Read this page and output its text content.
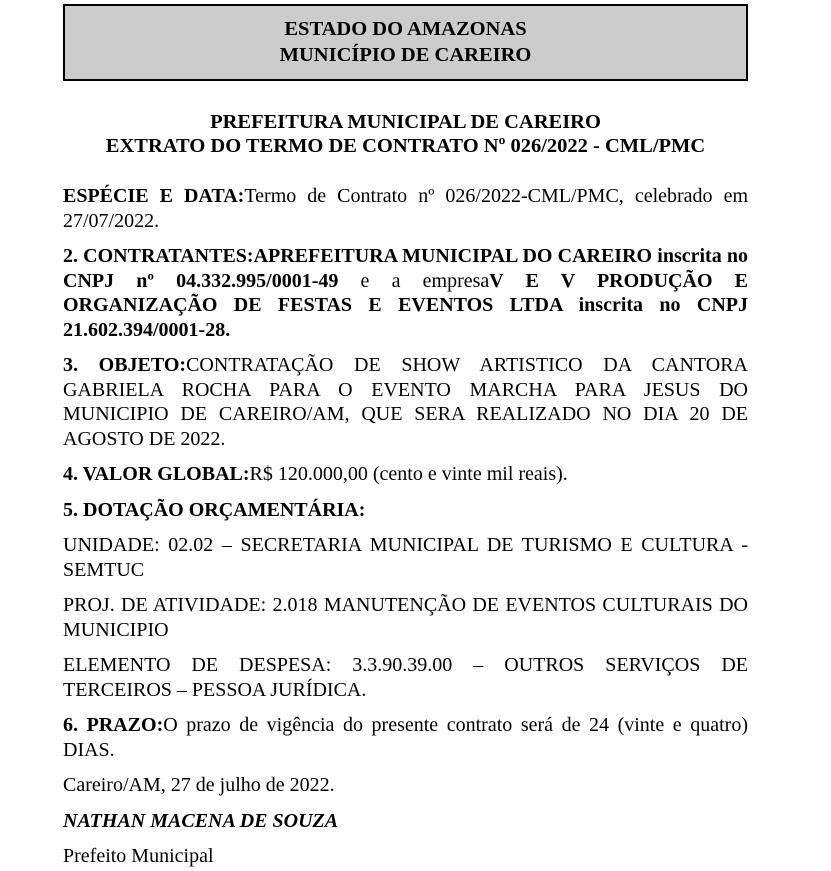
ESTADO DO AMAZONAS
MUNICÍPIO DE CAREIRO
PREFEITURA MUNICIPAL DE CAREIRO
EXTRATO DO TERMO DE CONTRATO Nº 026/2022 - CML/PMC

ESPÉCIE E DATA:Termo de Contrato nº 026/2022-CML/PMC, celebrado em 27/07/2022.

2. CONTRATANTES:APREFEITURA MUNICIPAL DO CAREIRO inscrita no CNPJ nº 04.332.995/0001-49 e a empresaV E V PRODUÇÃO E ORGANIZAÇÃO DE FESTAS E EVENTOS LTDA inscrita no CNPJ 21.602.394/0001-28.

3. OBJETO:CONTRATAÇÃO DE SHOW ARTISTICO DA CANTORA GABRIELA ROCHA PARA O EVENTO MARCHA PARA JESUS DO MUNICIPIO DE CAREIRO/AM, QUE SERA REALIZADO NO DIA 20 DE AGOSTO DE 2022.

4. VALOR GLOBAL:R$ 120.000,00 (cento e vinte mil reais).

5. DOTAÇÃO ORÇAMENTÁRIA:

UNIDADE: 02.02 – SECRETARIA MUNICIPAL DE TURISMO E CULTURA - SEMTUC

PROJ. DE ATIVIDADE: 2.018 MANUTENÇÃO DE EVENTOS CULTURAIS DO MUNICIPIO

ELEMENTO DE DESPESA: 3.3.90.39.00 – OUTROS SERVIÇOS DE TERCEIROS – PESSOA JURÍDICA.

6. PRAZO:O prazo de vigência do presente contrato será de 24 (vinte e quatro) DIAS.

Careiro/AM, 27 de julho de 2022.

NATHAN MACENA DE SOUZA

Prefeito Municipal
